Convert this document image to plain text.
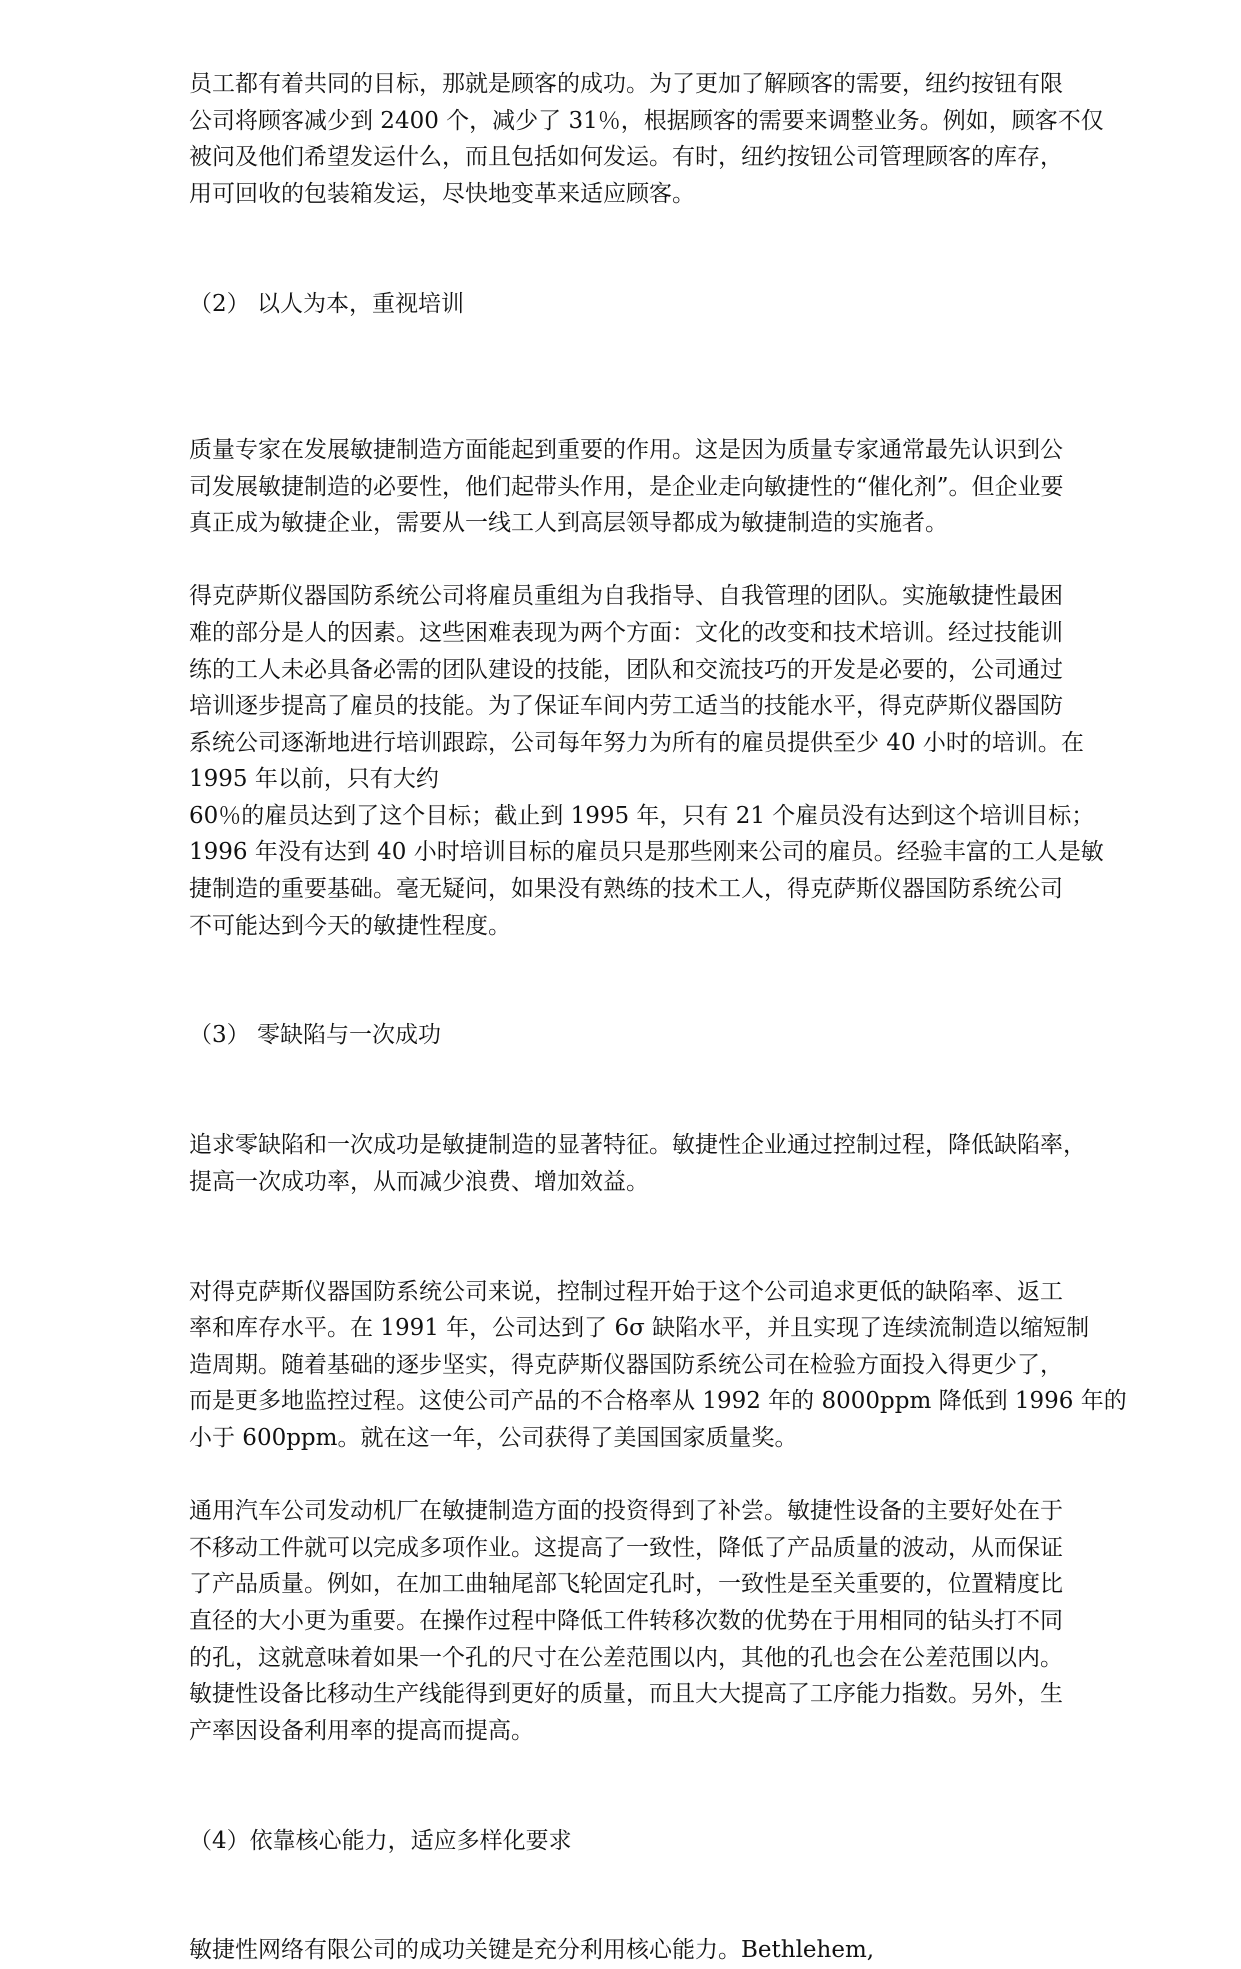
员工都有着共同的目标，那就是顾客的成功。为了更加了解顾客的需要，纽约按钮有限
公司将顾客减少到 2400 个，减少了 31％，根据顾客的需要来调整业务。例如，顾客不仅
被问及他们希望发运什么，而且包括如何发运。有时，纽约按钮公司管理顾客的库存，
用可回收的包装箱发运，尽快地变革来适应顾客。

（2） 以人为本，重视培训

质量专家在发展敏捷制造方面能起到重要的作用。这是因为质量专家通常最先认识到公
司发展敏捷制造的必要性，他们起带头作用，是企业走向敏捷性的“催化剂”。但企业要
真正成为敏捷企业，需要从一线工人到高层领导都成为敏捷制造的实施者。
得克萨斯仪器国防系统公司将雇员重组为自我指导、自我管理的团队。实施敏捷性最困
难的部分是人的因素。这些困难表现为两个方面：文化的改变和技术培训。经过技能训
练的工人未必具备必需的团队建设的技能，团队和交流技巧的开发是必要的，公司通过
培训逐步提高了雇员的技能。为了保证车间内劳工适当的技能水平，得克萨斯仪器国防
系统公司逐渐地进行培训跟踪，公司每年努力为所有的雇员提供至少 40 小时的培训。在
1995 年以前，只有大约
60％的雇员达到了这个目标；截止到 1995 年，只有 21 个雇员没有达到这个培训目标；
1996 年没有达到 40 小时培训目标的雇员只是那些刚来公司的雇员。经验丰富的工人是敏
捷制造的重要基础。毫无疑问，如果没有熟练的技术工人，得克萨斯仪器国防系统公司
不可能达到今天的敏捷性程度。

（3） 零缺陷与一次成功

追求零缺陷和一次成功是敏捷制造的显著特征。敏捷性企业通过控制过程，降低缺陷率，
提高一次成功率，从而减少浪费、增加效益。
对得克萨斯仪器国防系统公司来说，控制过程开始于这个公司追求更低的缺陷率、返工
率和库存水平。在 1991 年，公司达到了 6σ 缺陷水平，并且实现了连续流制造以缩短制
造周期。随着基础的逐步坚实，得克萨斯仪器国防系统公司在检验方面投入得更少了，
而是更多地监控过程。这使公司产品的不合格率从 1992 年的 8000ppm 降低到 1996 年的
小于 600ppm。就在这一年，公司获得了美国国家质量奖。
通用汽车公司发动机厂在敏捷制造方面的投资得到了补尝。敏捷性设备的主要好处在于
不移动工件就可以完成多项作业。这提高了一致性，降低了产品质量的波动，从而保证
了产品质量。例如，在加工曲轴尾部飞轮固定孔时，一致性是至关重要的，位置精度比
直径的大小更为重要。在操作过程中降低工件转移次数的优势在于用相同的钻头打不同
的孔，这就意味着如果一个孔的尺寸在公差范围以内，其他的孔也会在公差范围以内。
敏捷性设备比移动生产线能得到更好的质量，而且大大提高了工序能力指数。另外，生
产率因设备利用率的提高而提高。

（4）依靠核心能力，适应多样化要求

敏捷性网络有限公司的成功关键是充分利用核心能力。Bethlehem,
